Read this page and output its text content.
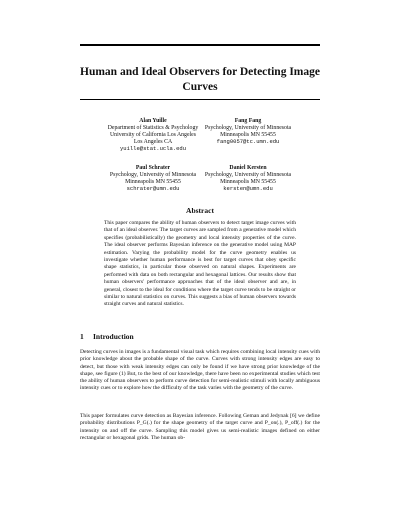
Human and Ideal Observers for Detecting Image Curves
Alan Yuille
Department of Statistics & Psychology
University of California Los Angeles
Los Angeles CA
yuille@stat.ucla.edu
Fang Fang
Psychology, University of Minnesota
Minneapolis MN 55455
fang0057@tc.umn.edu
Paul Schrater
Psychology, University of Minnesota
Minneapolis MN 55455
schrater@umn.edu
Daniel Kersten
Psychology, University of Minnesota
Minneapolis MN 55455
kersten@umn.edu
Abstract

This paper compares the ability of human observers to detect target image curves with that of an ideal observer. The target curves are sampled from a generative model which specifies (probabilistically) the geometry and local intensity properties of the curve. The ideal observer performs Bayesian inference on the generative model using MAP estimation. Varying the probability model for the curve geometry enables us investigate whether human performance is best for target curves that obey specific shape statistics, in particular those observed on natural shapes. Experiments are performed with data on both rectangular and hexagonal lattices. Our results show that human observers' performance approaches that of the ideal observer and are, in general, closest to the ideal for conditions where the target curve tends to be straight or similar to natural statistics on curves. This suggests a bias of human observers towards straight curves and natural statistics.

1 Introduction

Detecting curves in images is a fundamental visual task which requires combining local intensity cues with prior knowledge about the probable shape of the curve. Curves with strong intensity edges are easy to detect, but those with weak intensity edges can only be found if we have strong prior knowledge of the shape, see figure (1) But, to the best of our knowledge, there have been no experimental studies which test the ability of human observers to perform curve detection for semi-realistic stimuli with locally ambiguous intensity cues or to explore how the difficulty of the task varies with the geometry of the curve.

This paper formulates curve detection as Bayesian inference. Following Geman and Jedynak [6] we define probability distributions P_G(.) for the shape geometry of the target curve and P_on(.), P_off(.) for the intensity on and off the curve. Sampling this model gives us semi-realistic images defined on either rectangular or hexagonal grids. The human ob-
